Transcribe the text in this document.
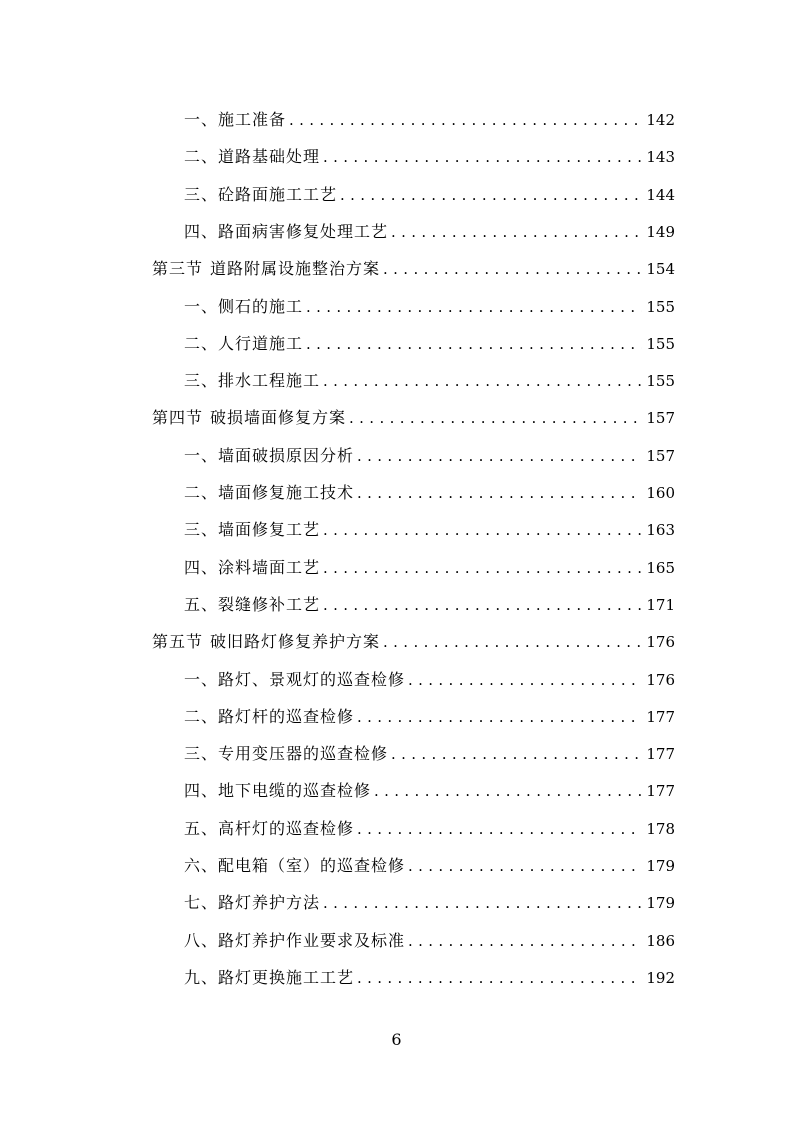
一、施工准备 . . .	142
二、道路基础处理 . . .	143
三、砼路面施工工艺 . . .	144
四、路面病害修复处理工艺 . . .	149
第三节 道路附属设施整治方案 . . .	154
一、侧石的施工 . . .	155
二、人行道施工 . . .	155
三、排水工程施工 . . .	155
第四节 破损墙面修复方案 . . .	157
一、墙面破损原因分析 . . .	157
二、墙面修复施工技术 . . .	160
三、墙面修复工艺 . . .	163
四、涂料墙面工艺 . . .	165
五、裂缝修补工艺 . . .	171
第五节 破旧路灯修复养护方案 . . .	176
一、路灯、景观灯的巡查检修 . . .	176
二、路灯杆的巡查检修 . . .	177
三、专用变压器的巡查检修 . . .	177
四、地下电缆的巡查检修 . . .	177
五、高杆灯的巡查检修 . . .	178
六、配电箱（室）的巡查检修 . . .	179
七、路灯养护方法 . . .	179
八、路灯养护作业要求及标准 . . .	186
九、路灯更换施工工艺 . . .	192
6
